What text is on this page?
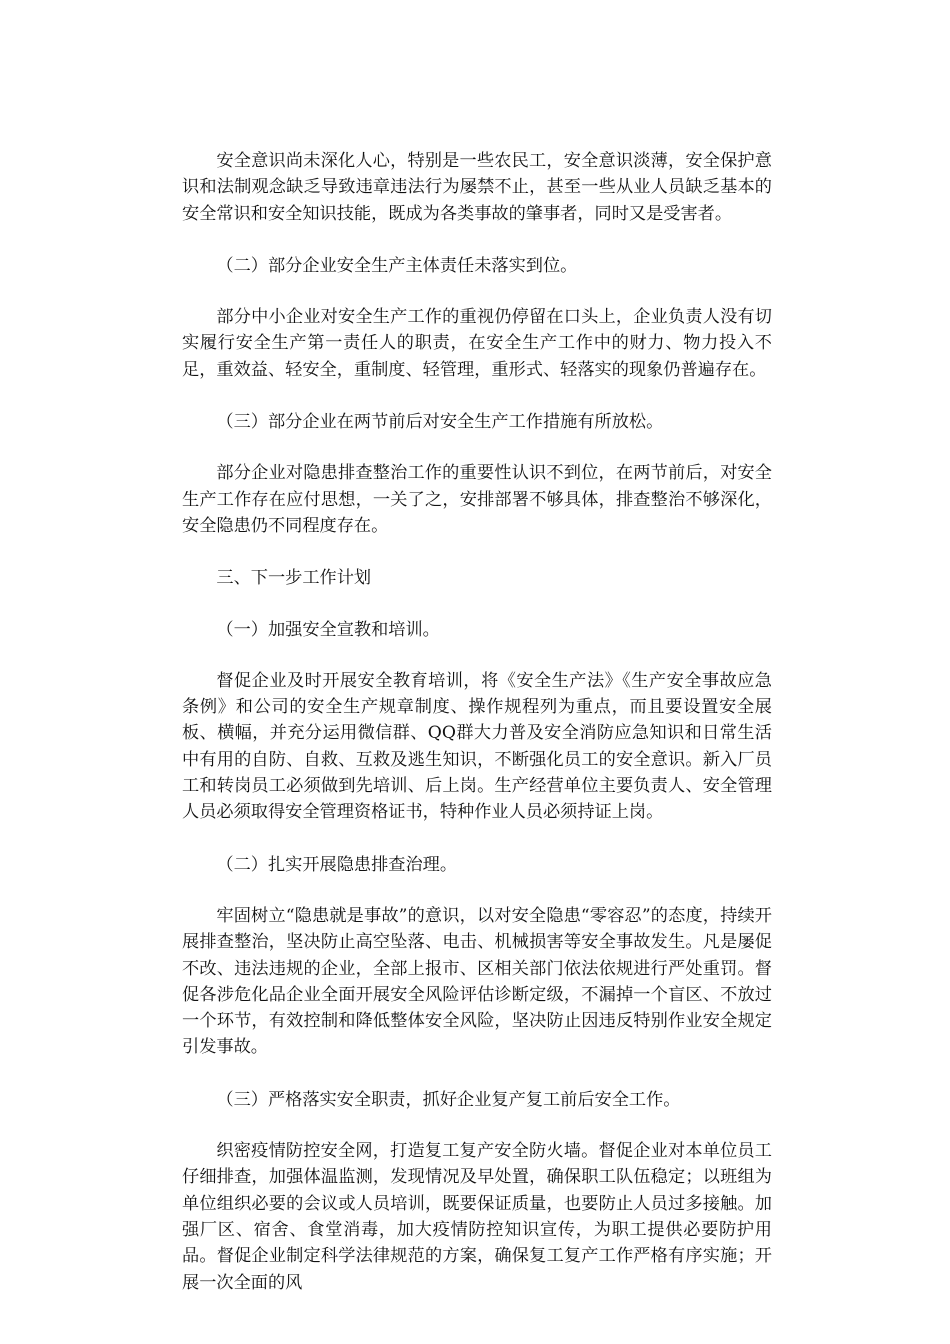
安全意识尚未深化人心，特别是一些农民工，安全意识淡薄，安全保护意识和法制观念缺乏导致违章违法行为屡禁不止，甚至一些从业人员缺乏基本的安全常识和安全知识技能，既成为各类事故的肇事者，同时又是受害者。

（二）部分企业安全生产主体责任未落实到位。

部分中小企业对安全生产工作的重视仍停留在口头上，企业负责人没有切实履行安全生产第一责任人的职责，在安全生产工作中的财力、物力投入不足，重效益、轻安全，重制度、轻管理，重形式、轻落实的现象仍普遍存在。

（三）部分企业在两节前后对安全生产工作措施有所放松。

部分企业对隐患排查整治工作的重要性认识不到位，在两节前后，对安全生产工作存在应付思想，一关了之，安排部署不够具体，排查整治不够深化，安全隐患仍不同程度存在。

三、下一步工作计划

（一）加强安全宣教和培训。

督促企业及时开展安全教育培训，将《安全生产法》《生产安全事故应急条例》和公司的安全生产规章制度、操作规程列为重点，而且要设置安全展板、横幅，并充分运用微信群、QQ群大力普及安全消防应急知识和日常生活中有用的自防、自救、互救及逃生知识，不断强化员工的安全意识。新入厂员工和转岗员工必须做到先培训、后上岗。生产经营单位主要负责人、安全管理人员必须取得安全管理资格证书，特种作业人员必须持证上岗。

（二）扎实开展隐患排查治理。

牢固树立“隐患就是事故”的意识，以对安全隐患“零容忍”的态度，持续开展排查整治，坚决防止高空坠落、电击、机械损害等安全事故发生。凡是屡促不改、违法违规的企业，全部上报市、区相关部门依法依规进行严处重罚。督促各涉危化品企业全面开展安全风险评估诊断定级，不漏掉一个盲区、不放过一个环节，有效控制和降低整体安全风险，坚决防止因违反特别作业安全规定引发事故。

（三）严格落实安全职责，抓好企业复产复工前后安全工作。

织密疫情防控安全网，打造复工复产安全防火墙。督促企业对本单位员工仔细排查，加强体温监测，发现情况及早处置，确保职工队伍稳定；以班组为单位组织必要的会议或人员培训，既要保证质量，也要防止人员过多接触。加强厂区、宿舍、食堂消毒，加大疫情防控知识宣传，为职工提供必要防护用品。督促企业制定科学法律规范的方案，确保复工复产工作严格有序实施；开展一次全面的风
